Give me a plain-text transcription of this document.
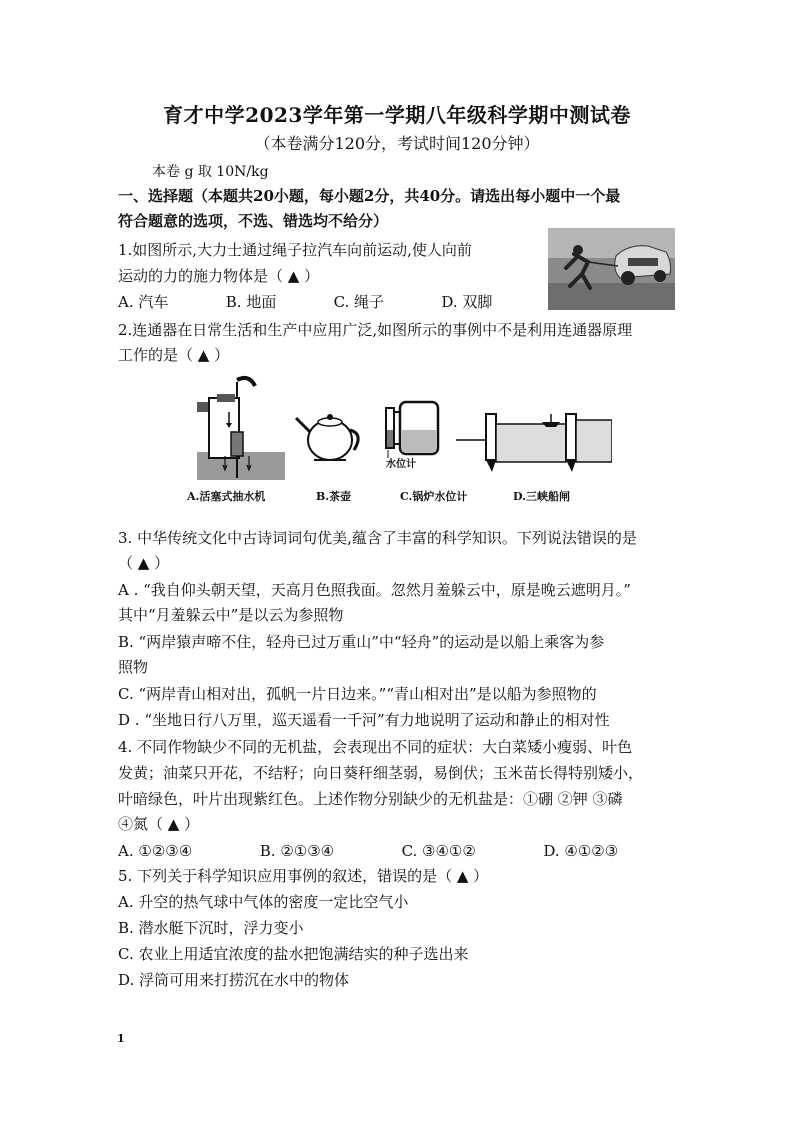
育才中学2023学年第一学期八年级科学期中测试卷
（本卷满分120分，考试时间120分钟）
本卷 g 取 10N/kg
一、选择题（本题共20小题，每小题2分，共40分。请选出每小题中一个最
符合题意的选项，不选、错选均不给分）
1.如图所示,大力士通过绳子拉汽车向前运动,使人向前
运动的力的施力物体是（ ▲ ）
A. 汽车	B. 地面	C. 绳子	D. 双脚
2.连通器在日常生活和生产中应用广泛,如图所示的事例中不是利用连通器原理
工作的是（ ▲ ）
水位计
A.活塞式抽水机	B.茶壶	C.锅炉水位计	D.三峡船闸
3. 中华传统文化中古诗词词句优美,蕴含了丰富的科学知识。下列说法错误的是
（ ▲ ）
A . “我自仰头朝天望，天高月色照我面。忽然月羞躲云中，原是晚云遮明月。”
其中“月羞躲云中”是以云为参照物
B. “两岸猿声啼不住，轻舟已过万重山”中“轻舟”的运动是以船上乘客为参
照物
C. “两岸青山相对出，孤帆一片日边来。”“青山相对出”是以船为参照物的
D . “坐地日行八万里，巡天遥看一千河”有力地说明了运动和静止的相对性
4. 不同作物缺少不同的无机盐，会表现出不同的症状：大白菜矮小瘦弱、叶色
发黄；油菜只开花，不结籽；向日葵秆细茎弱，易倒伏；玉米苗长得特别矮小，
叶暗绿色，叶片出现紫红色。上述作物分别缺少的无机盐是：①硼 ②钾 ③磷
④氮（ ▲ ）
A. ①②③④	B. ②①③④	C. ③④①②	D. ④①②③
5. 下列关于科学知识应用事例的叙述，错误的是（ ▲ ）
A. 升空的热气球中气体的密度一定比空气小
B. 潜水艇下沉时，浮力变小
C. 农业上用适宜浓度的盐水把饱满结实的种子选出来
D. 浮筒可用来打捞沉在水中的物体
1
